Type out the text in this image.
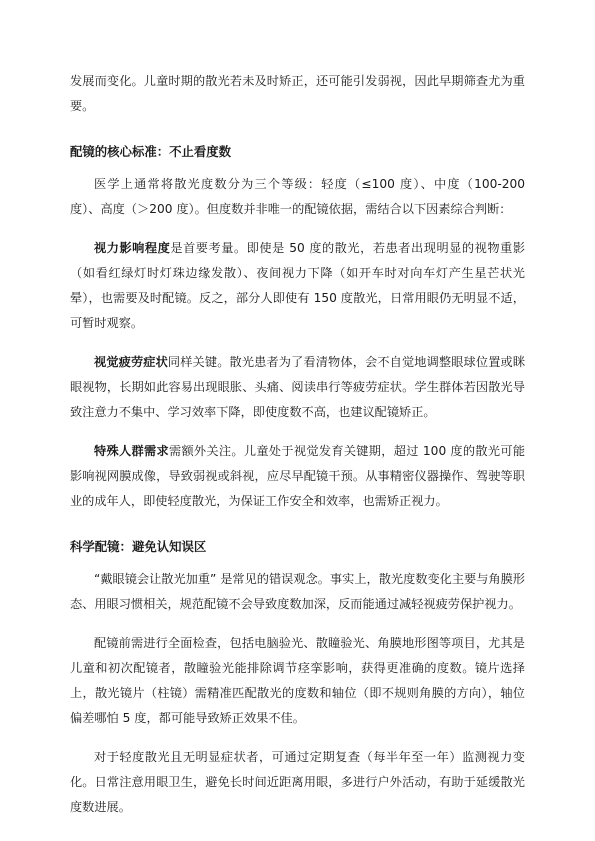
发展而变化。儿童时期的散光若未及时矫正，还可能引发弱视，因此早期筛查尤为重要。

配镜的核心标准：不止看度数

医学上通常将散光度数分为三个等级：轻度（≤100 度）、中度（100-200 度）、高度（＞200 度）。但度数并非唯一的配镜依据，需结合以下因素综合判断：

视力影响程度是首要考量。即使是 50 度的散光，若患者出现明显的视物重影（如看红绿灯时灯珠边缘发散）、夜间视力下降（如开车时对向车灯产生星芒状光晕），也需要及时配镜。反之，部分人即使有 150 度散光，日常用眼仍无明显不适，可暂时观察。

视觉疲劳症状同样关键。散光患者为了看清物体，会不自觉地调整眼球位置或眯眼视物，长期如此容易出现眼胀、头痛、阅读串行等疲劳症状。学生群体若因散光导致注意力不集中、学习效率下降，即使度数不高，也建议配镜矫正。

特殊人群需求需额外关注。儿童处于视觉发育关键期，超过 100 度的散光可能影响视网膜成像，导致弱视或斜视，应尽早配镜干预。从事精密仪器操作、驾驶等职业的成年人，即使轻度散光，为保证工作安全和效率，也需矫正视力。

科学配镜：避免认知误区

“戴眼镜会让散光加重” 是常见的错误观念。事实上，散光度数变化主要与角膜形态、用眼习惯相关，规范配镜不会导致度数加深，反而能通过减轻视疲劳保护视力。

配镜前需进行全面检查，包括电脑验光、散瞳验光、角膜地形图等项目，尤其是儿童和初次配镜者，散瞳验光能排除调节痉挛影响，获得更准确的度数。镜片选择上，散光镜片（柱镜）需精准匹配散光的度数和轴位（即不规则角膜的方向），轴位偏差哪怕 5 度，都可能导致矫正效果不佳。

对于轻度散光且无明显症状者，可通过定期复查（每半年至一年）监测视力变化。日常注意用眼卫生，避免长时间近距离用眼，多进行户外活动，有助于延缓散光度数进展。
